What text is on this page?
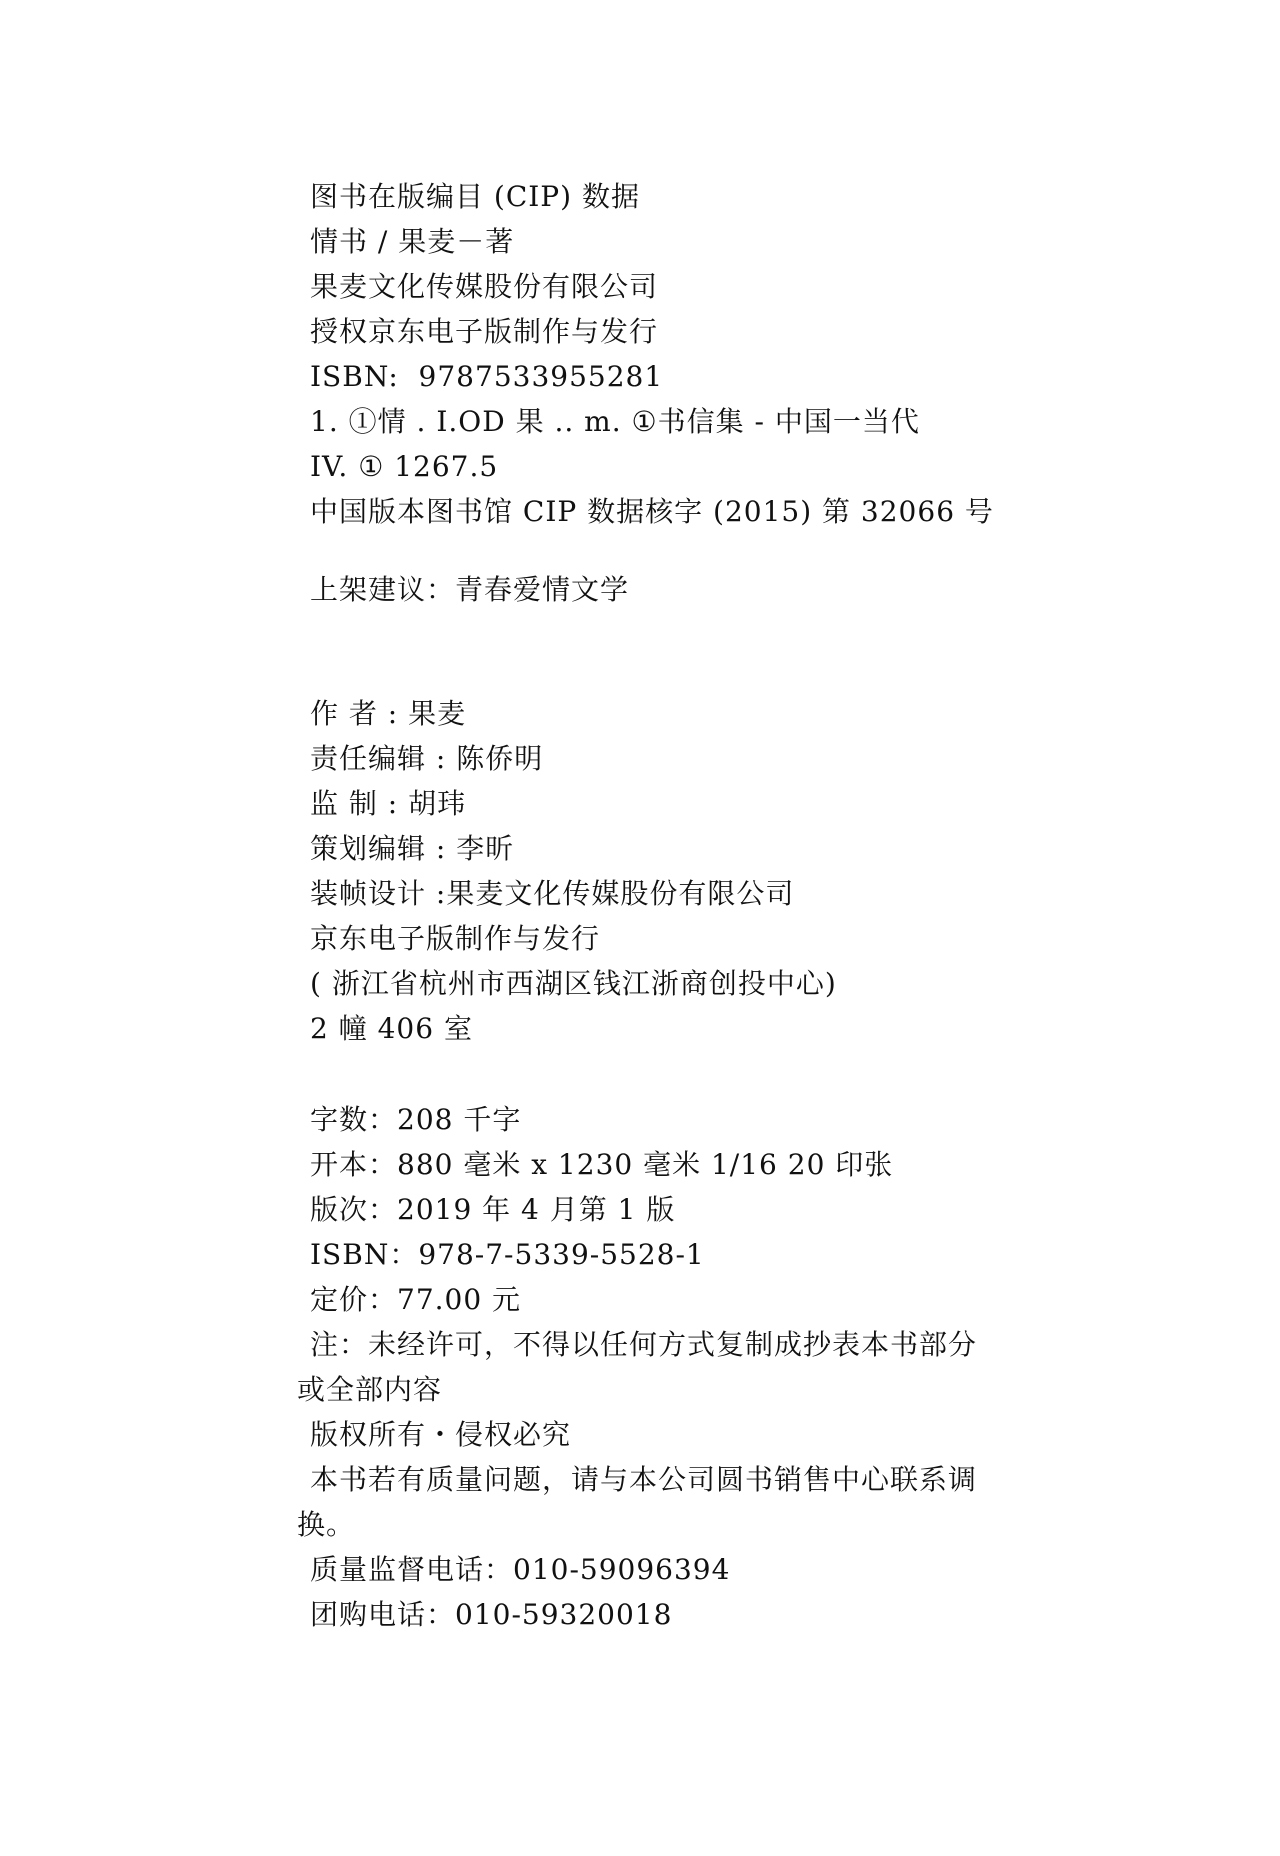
图书在版编目 (CIP) 数据
情书 / 果麦－著
果麦文化传媒股份有限公司
授权京东电子版制作与发行
ISBN:  9787533955281
1. ①情 . I.OD 果 .. m. ①书信集 - 中国一当代
IV. ① 1267.5
中国版本图书馆 CIP 数据核字 (2015) 第 32066 号
上架建议：青春爱情文学
作 者 : 果麦
责任编辑 : 陈侨明
监 制 : 胡玮
策划编辑 : 李昕
装帧设计 :果麦文化传媒股份有限公司
京东电子版制作与发行
( 浙江省杭州市西湖区钱江浙商创投中心)
2 幢 406 室
字数：208 千字
开本：880 毫米 x 1230 毫米 1/16 20 印张
版次：2019 年 4 月第 1 版
ISBN：978-7-5339-5528-1
定价：77.00 元
注：未经许可，不得以任何方式复制成抄表本书部分
或全部内容
版权所有・侵权必究
本书若有质量问题，请与本公司圆书销售中心联系调
换。
质量监督电话：010-59096394
团购电话：010-59320018
